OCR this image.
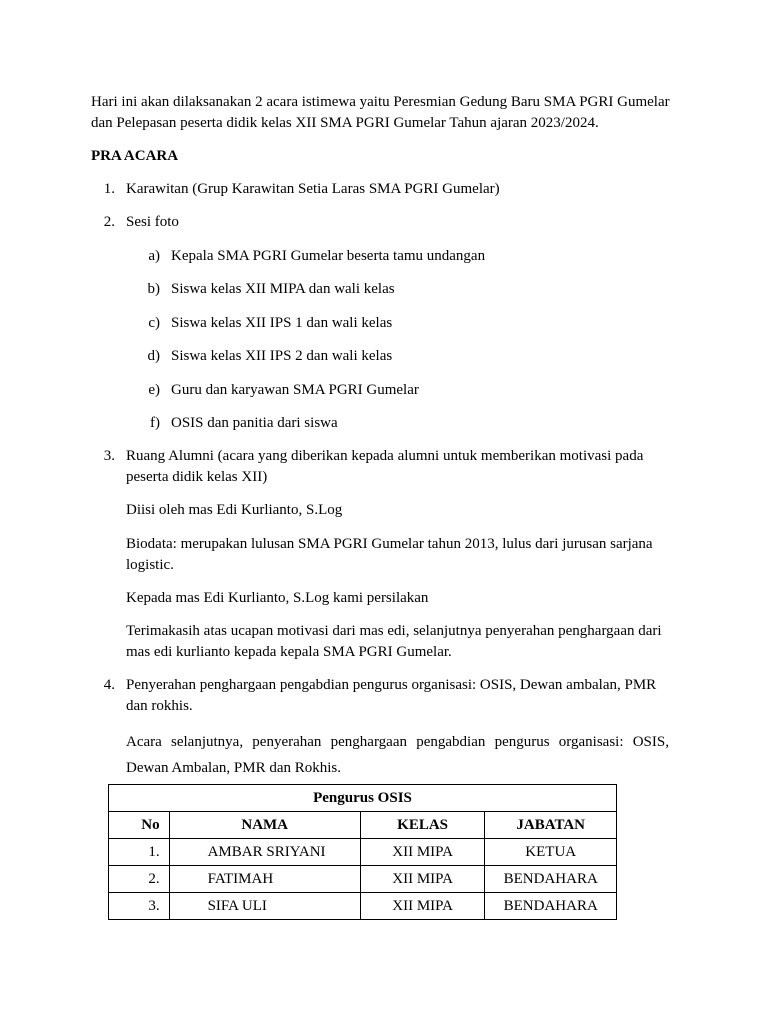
Hari ini akan dilaksanakan 2 acara istimewa yaitu Peresmian Gedung Baru SMA PGRI Gumelar dan Pelepasan peserta didik kelas XII SMA PGRI Gumelar Tahun ajaran 2023/2024.

PRA ACARA

1. Karawitan (Grup Karawitan Setia Laras SMA PGRI Gumelar)
2. Sesi foto
a) Kepala SMA PGRI Gumelar beserta tamu undangan
b) Siswa kelas XII MIPA dan wali kelas
c) Siswa kelas XII IPS 1 dan wali kelas
d) Siswa kelas XII IPS 2 dan wali kelas
e) Guru dan karyawan SMA PGRI Gumelar
f) OSIS dan panitia dari siswa
3. Ruang Alumni (acara yang diberikan kepada alumni untuk memberikan motivasi pada peserta didik kelas XII)
Diisi oleh mas Edi Kurlianto, S.Log
Biodata: merupakan lulusan SMA PGRI Gumelar tahun 2013, lulus dari jurusan sarjana logistic.
Kepada mas Edi Kurlianto, S.Log kami persilakan
Terimakasih atas ucapan motivasi dari mas edi, selanjutnya penyerahan penghargaan dari mas edi kurlianto kepada kepala SMA PGRI Gumelar.
4. Penyerahan penghargaan pengabdian pengurus organisasi: OSIS, Dewan ambalan, PMR dan rokhis.
Acara selanjutnya, penyerahan penghargaan pengabdian pengurus organisasi: OSIS, Dewan Ambalan, PMR dan Rokhis.
Pengurus OSIS			
No	NAMA	KELAS	JABATAN
1.	AMBAR SRIYANI	XII MIPA	KETUA
2.	FATIMAH	XII MIPA	BENDAHARA
3.	SIFA ULI	XII MIPA	BENDAHARA
